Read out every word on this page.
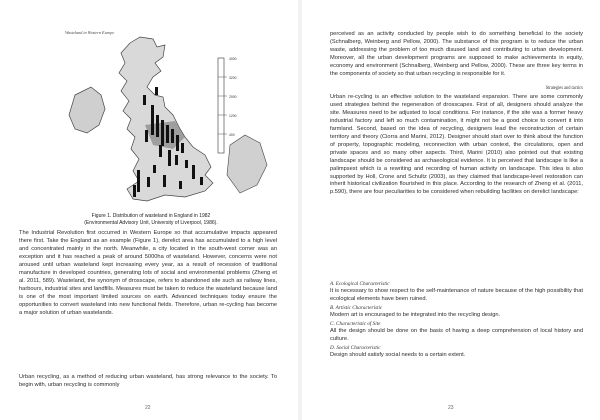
Wasteland in Western Europe
4000
3200
2000
1200
400
Figure 1. Distribution of wasteland in England in 1982
(Environmental Advisory Unit, University of Liverpool, 1986).

The Industrial Revolution first occurred in Western Europe so that accumulative impacts appeared there first. Take the England as an example (Figure 1), derelict area has accumulated to a high level and concentrated mainly in the north. Meanwhile, a city located in the south-west corner was an exception and it has reached a peak of around 5000ha of wasteland. However, concerns were not aroused until urban wasteland kept increasing every year, as a result of recession of traditional manufacture in developed countries, generating lots of social and environmental problems (Zheng et al. 2011, 589). Wasteland, the synonym of drosscape, refers to abandoned site such as railway lines, harbours, industrial sites and landfills. Measures must be taken to reduce the wasteland because land is one of the most important limited sources on earth. Advanced techniques today ensure the opportunities to convert wasteland into new functional fields. Therefore, urban re-cycling has become a major solution of urban wastelands.

Urban recycling, as a method of reducing urban wasteland, has strong relevance to the society. To begin with, urban recycling is commonly

22

perceived as an activity conducted by people wish to do something beneficial to the society (Schnalberg, Weinberg and Pellow, 2000). The substance of this program is to reduce the urban waste, addressing the problem of too much disused land and contributing to urban development. Moreover, all the urban development programs are supposed to make achievements in equity, economy and environment (Schnalberg, Weinberg and Pellow, 2000). These are three key terms in the components of society so that urban recycling is responsible for it.

Strategies and tactics

Urban re-cycling is an effective solution to the wasteland expansion. There are some commonly used strategies behind the regeneration of drosscapes. First of all, designers should analyze the site. Measures need to be adjusted to local conditions. For instance, if the site was a former heavy industrial factory and left so much contamination, it might not be a good choice to convert it into farmland. Second, based on the idea of recycling, designers lead the reconstruction of certain territory and theory (Ciorra and Marini, 2012). Designer should start over to think about the function of property, topographic modeling, reconnection with urban context, the circulations, open and private spaces and so many other aspects. Third, Marini (2010) also pointed out that existing landscape should be considered as archaeological evidence. It is perceived that landscape is like a palimpsest which is a rewriting and recording of human activity on landscape. This idea is also supported by Holl, Crone and Schultz (2003), as they claimed that landscape-level restoration can inherit historical civilization flourished in this place. According to the research of Zheng et al. (2011, p.590), there are four peculiarities to be considered when rebuilding facilities on derelict landscape:

A. Ecological Characteristic
It is necessary to show respect to the self-maintenance of nature because of the high possibility that ecological elements have been ruined.
B. Artistic Characteristic
Modern art is encouraged to be integrated into the recycling design.
C. Characteristic of Site
All the design should be done on the basis of having a deep comprehension of local history and culture.
D. Social Characteristic
Design should satisfy social needs to a certain extent.
23
